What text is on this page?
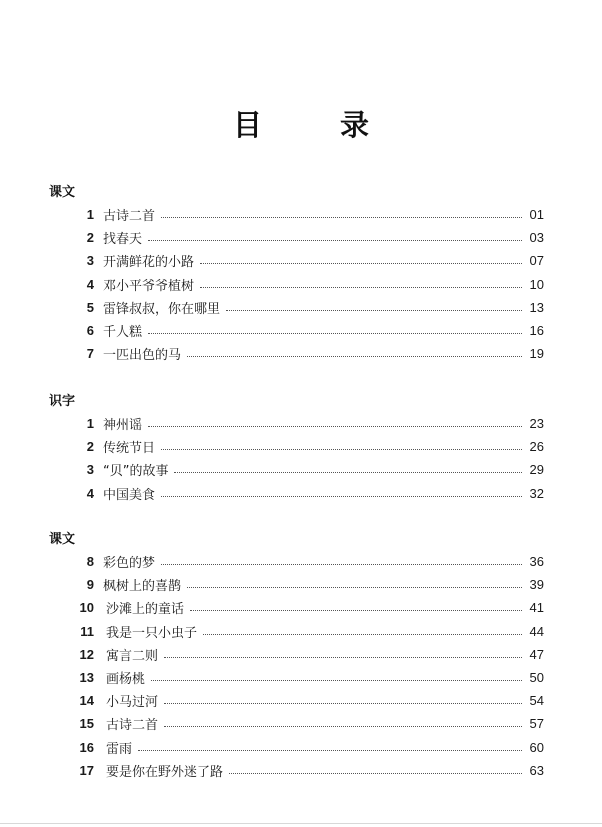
目 录
课文
1 古诗二首	01
2 找春天	03
3 开满鲜花的小路	07
4 邓小平爷爷植树	10
5 雷锋叔叔，你在哪里	13
6 千人糕	16
7 一匹出色的马	19
识字
1 神州谣	23
2 传统节日	26
3 “贝”的故事	29
4 中国美食	32
课文
8 彩色的梦	36
9 枫树上的喜鹊	39
10 沙滩上的童话	41
11 我是一只小虫子	44
12 寓言二则	47
13 画杨桃	50
14 小马过河	54
15 古诗二首	57
16 雷雨	60
17 要是你在野外迷了路	63
